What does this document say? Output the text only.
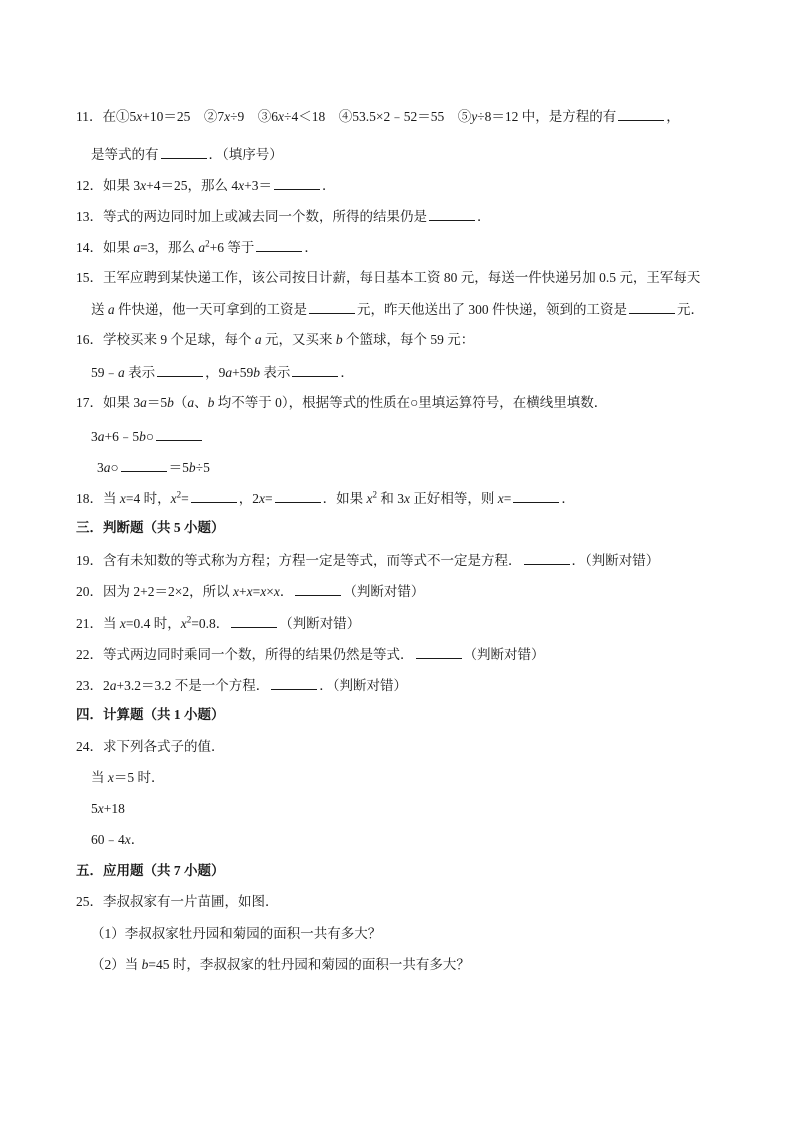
11．在①5x+10＝25　②7x÷9　③6x÷4＜18　④53.5×2﹣52＝55　⑤y÷8＝12 中，是方程的有	，
是等式的有	．（填序号）
12．如果 3x+4＝25，那么 4x+3＝	．
13．等式的两边同时加上或减去同一个数，所得的结果仍是	．
14．如果 a=3，那么 $a^2+6$ 等于	．
15．王军应聘到某快递工作，该公司按日计薪，每日基本工资 80 元，每送一件快递另加 0.5 元，王军每天
送 a 件快递，他一天可拿到的工资是	元，昨天他送出了 300 件快递，领到的工资是	元．
16．学校买来 9 个足球，每个 a 元，又买来 b 个篮球，每个 59 元：
59﹣a 表示	，9a+59b 表示	．
17．如果 3a＝5b（a、b 均不等于 0），根据等式的性质在○里填运算符号，在横线里填数．
3a+6﹣5b○
3a○	＝5b÷5
18．当 x=4 时，$x^2=$	，2x=	．如果 $x^2$ 和 3x 正好相等，则 x=	．
三．判断题（共 5 小题）
19．含有未知数的等式称为方程；方程一定是等式，而等式不一定是方程．	．（判断对错）
20．因为 2+2＝2×2，所以 x+x=x×x．	（判断对错）
21．当 x=0.4 时，$x^2=0.8$．	（判断对错）
22．等式两边同时乘同一个数，所得的结果仍然是等式．	（判断对错）
23．2a+3.2＝3.2 不是一个方程．	．（判断对错）
四．计算题（共 1 小题）
24．求下列各式子的值．
当 x＝5 时．
5x+18
60﹣4x．
五．应用题（共 7 小题）
25．李叔叔家有一片苗圃，如图．
（1）李叔叔家牡丹园和菊园的面积一共有多大？
（2）当 b=45 时，李叔叔家的牡丹园和菊园的面积一共有多大？
